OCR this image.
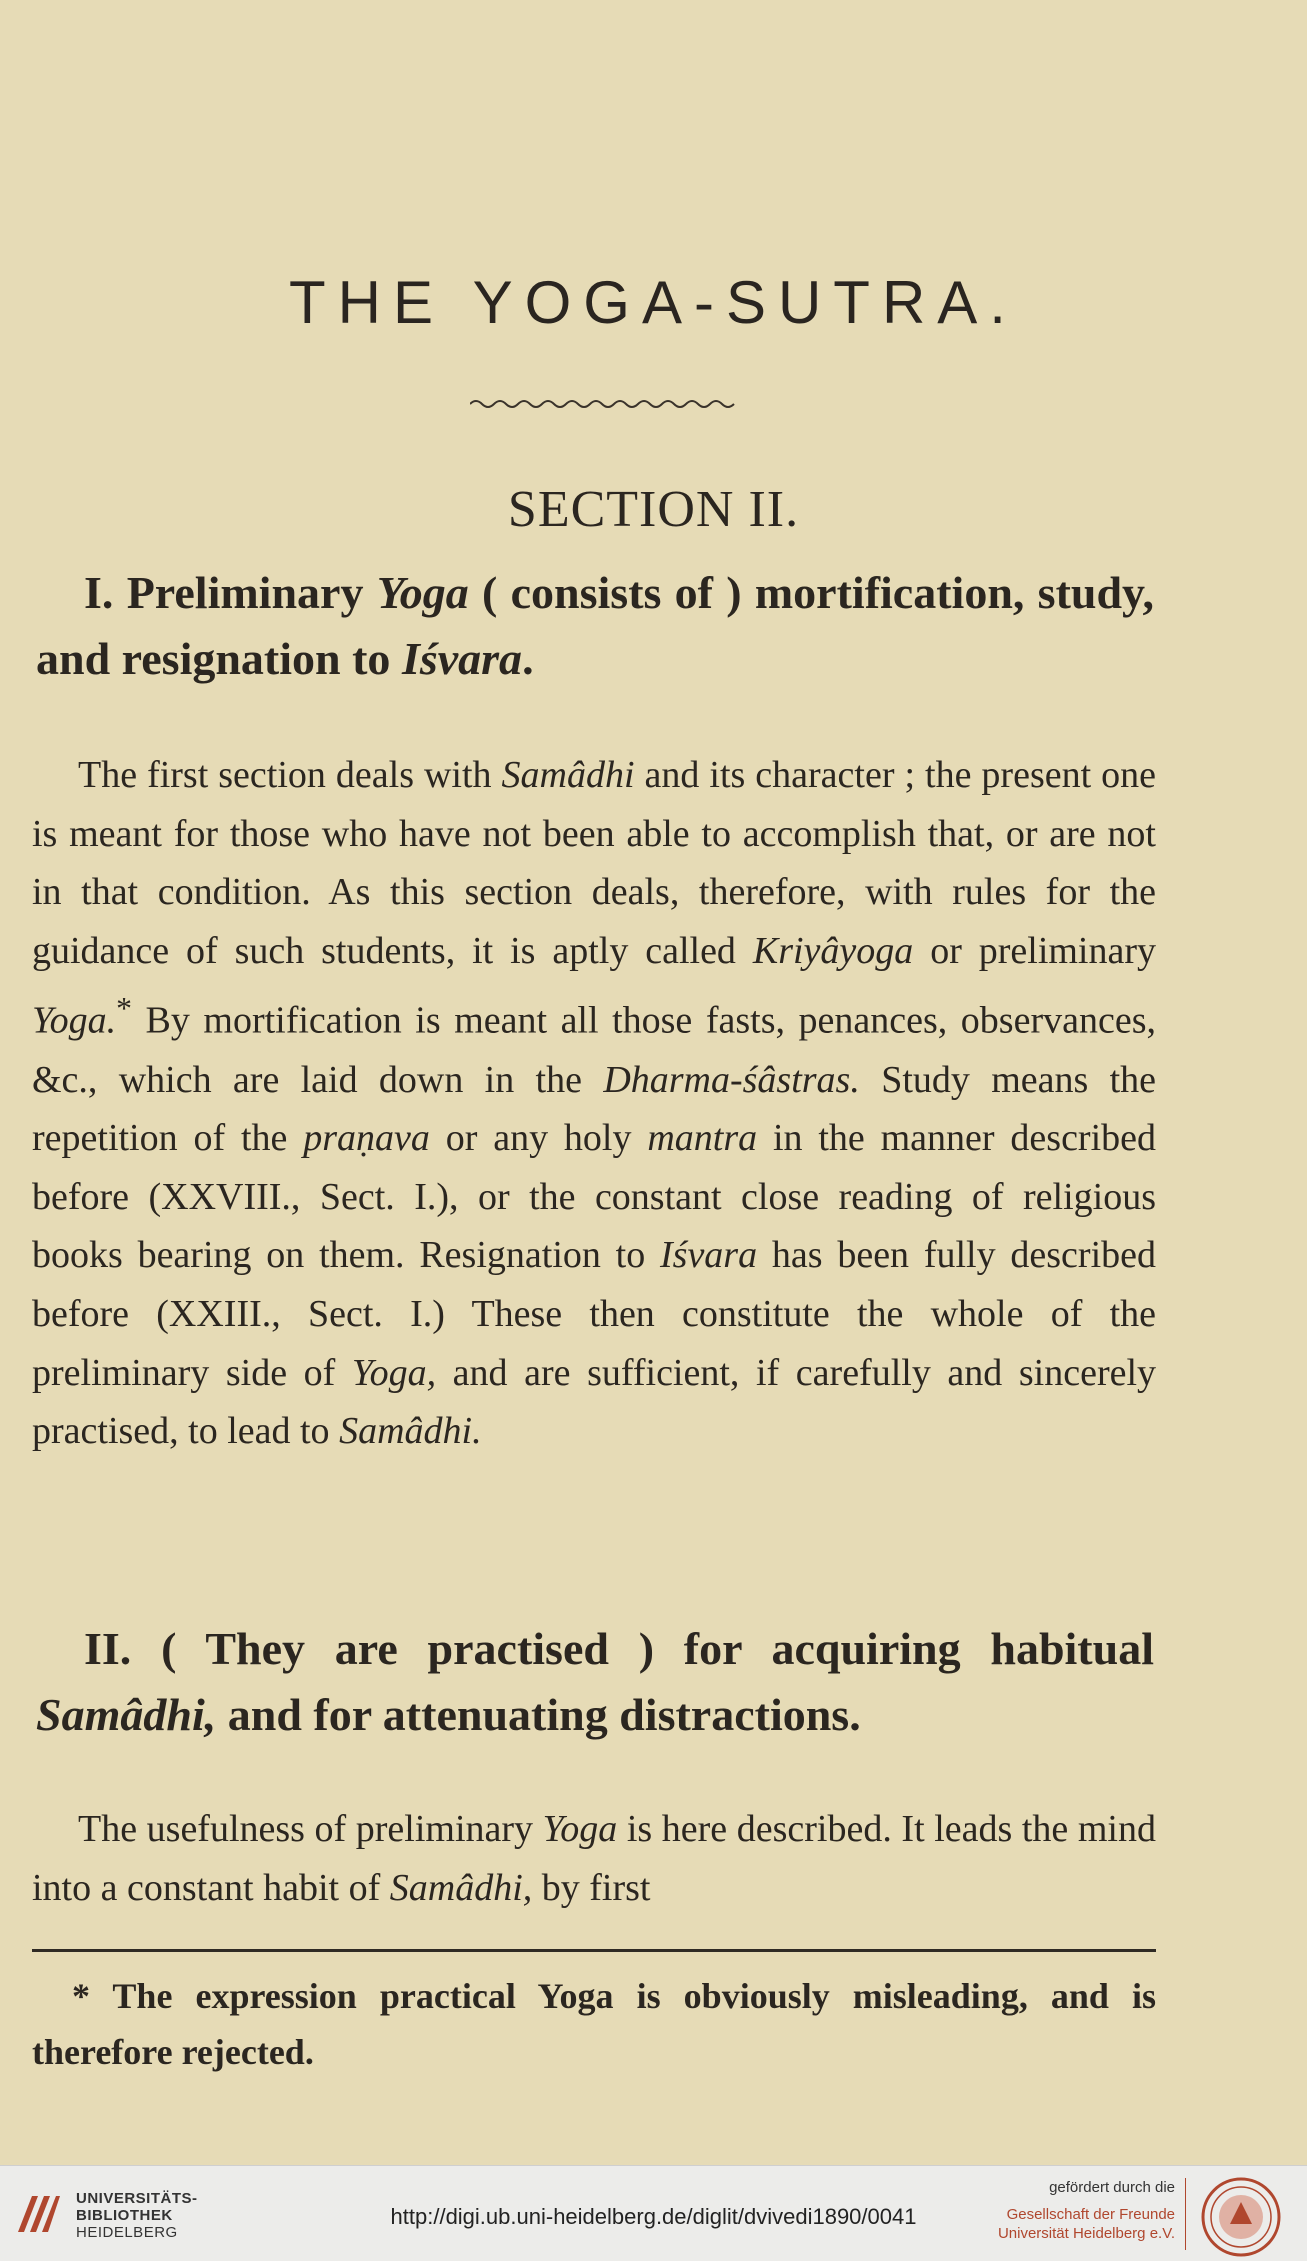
THE YOGA-SUTRA.
SECTION II.
I. Preliminary Yoga ( consists of ) mortification, study, and resignation to Iśvara.
The first section deals with Samâdhi and its character ; the present one is meant for those who have not been able to accomplish that, or are not in that condition. As this section deals, therefore, with rules for the guidance of such students, it is aptly called Kriyâyoga or preliminary Yoga.* By mortification is meant all those fasts, penances, observances, &c., which are laid down in the Dharma-śâstras. Study means the repetition of the praṇava or any holy mantra in the manner described before (XXVIII., Sect. I.), or the constant close reading of religious books bearing on them. Resignation to Iśvara has been fully described before (XXIII., Sect. I.) These then constitute the whole of the preliminary side of Yoga, and are sufficient, if carefully and sincerely practised, to lead to Samâdhi.
II. ( They are practised ) for acquiring habitual Samâdhi, and for attenuating distractions.
The usefulness of preliminary Yoga is here described. It leads the mind into a constant habit of Samâdhi, by first
* The expression practical Yoga is obviously misleading, and is therefore rejected.
UNIVERSITÄTS-
BIBLIOTHEK
HEIDELBERG
http://digi.ub.uni-heidelberg.de/diglit/dvivedi1890/0041
gefördert durch die
Gesellschaft der Freunde
Universität Heidelberg e.V.
